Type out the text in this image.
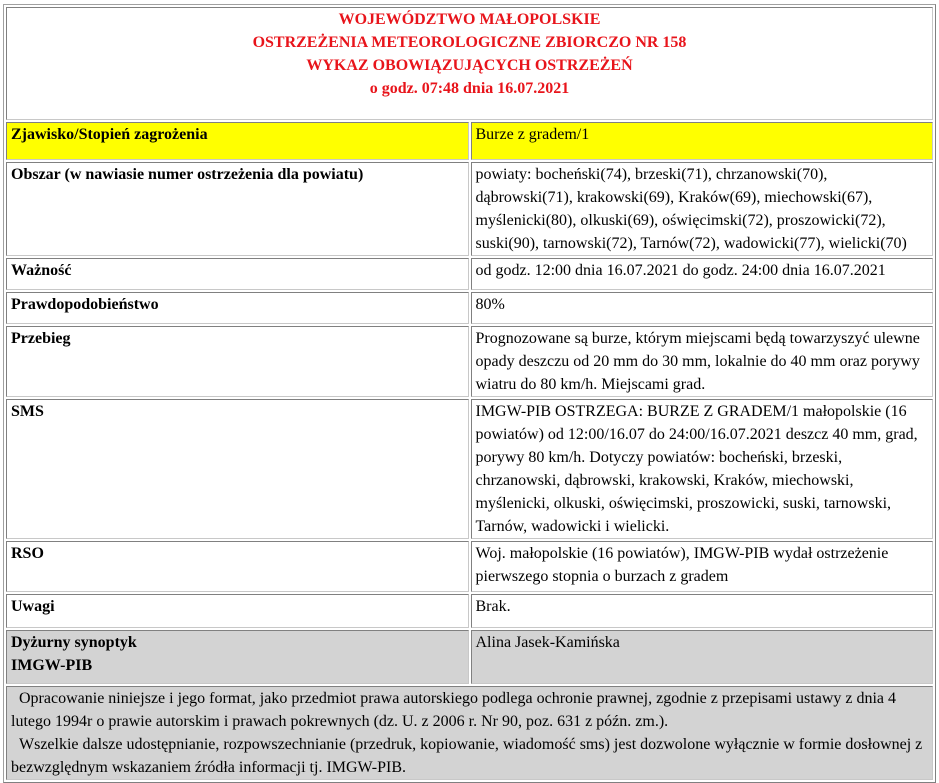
WOJEWÓDZTWO MAŁOPOLSKIE
OSTRZEŻENIA METEOROLOGICZNE ZBIORCZO NR 158
WYKAZ OBOWIĄZUJĄCYCH OSTRZEŻEŃ
o godz. 07:48 dnia 16.07.2021	

Zjawisko/Stopień zagrożenia	Burze z gradem/1
Obszar (w nawiasie numer ostrzeżenia dla powiatu)	powiaty: bocheński(74), brzeski(71), chrzanowski(70), dąbrowski(71), krakowski(69), Kraków(69), miechowski(67), myślenicki(80), olkuski(69), oświęcimski(72), proszowicki(72), suski(90), tarnowski(72), Tarnów(72), wadowicki(77), wielicki(70)
Ważność	od godz. 12:00 dnia 16.07.2021 do godz. 24:00 dnia 16.07.2021
Prawdopodobieństwo	80%
Przebieg	Prognozowane są burze, którym miejscami będą towarzyszyć ulewne opady deszczu od 20 mm do 30 mm, lokalnie do 40 mm oraz porywy wiatru do 80 km/h. Miejscami grad.
SMS	IMGW-PIB OSTRZEGA: BURZE Z GRADEM/1 małopolskie (16 powiatów) od 12:00/16.07 do 24:00/16.07.2021 deszcz 40 mm, grad, porywy 80 km/h. Dotyczy powiatów: bocheński, brzeski, chrzanowski, dąbrowski, krakowski, Kraków, miechowski, myślenicki, olkuski, oświęcimski, proszowicki, suski, tarnowski, Tarnów, wadowicki i wielicki.
RSO	Woj. małopolskie (16 powiatów), IMGW-PIB wydał ostrzeżenie pierwszego stopnia o burzach z gradem
Uwagi	Brak.

Dyżurny synoptyk
IMGW-PIB	Alina Jasek-Kamińska

Opracowanie niniejsze i jego format, jako przedmiot prawa autorskiego podlega ochronie prawnej, zgodnie z przepisami ustawy z dnia 4 lutego 1994r o prawie autorskim i prawach pokrewnych (dz. U. z 2006 r. Nr 90, poz. 631 z późn. zm.).
Wszelkie dalsze udostępnianie, rozpowszechnianie (przedruk, kopiowanie, wiadomość sms) jest dozwolone wyłącznie w formie dosłownej z bezwzględnym wskazaniem źródła informacji tj. IMGW-PIB.	
